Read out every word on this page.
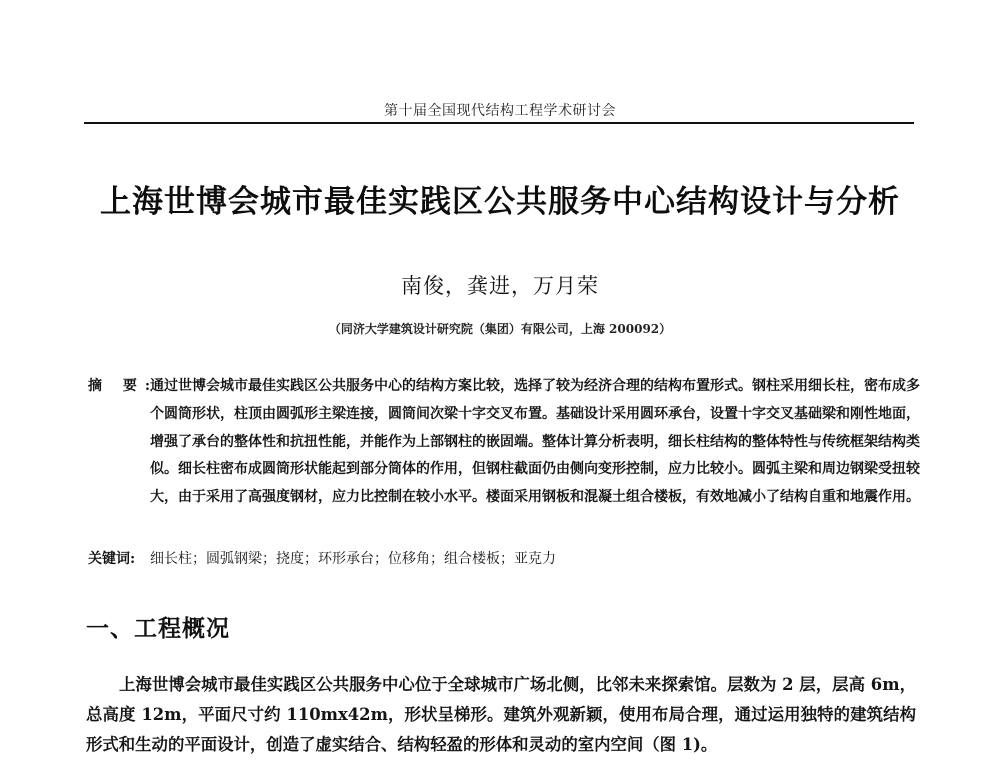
第十届全国现代结构工程学术研讨会
上海世博会城市最佳实践区公共服务中心结构设计与分析
南俊，龚进，万月荣
（同济大学建筑设计研究院（集团）有限公司，上海 200092）
摘 要:
通过世博会城市最佳实践区公共服务中心的结构方案比较，选择了较为经济合理的结构布置形式。钢柱采用细长柱，密布成多个圆筒形状，柱顶由圆弧形主梁连接，圆筒间次梁十字交叉布置。基础设计采用圆环承台，设置十字交叉基础梁和刚性地面，增强了承台的整体性和抗扭性能，并能作为上部钢柱的嵌固端。整体计算分析表明，细长柱结构的整体特性与传统框架结构类似。细长柱密布成圆筒形状能起到部分筒体的作用，但钢柱截面仍由侧向变形控制，应力比较小。圆弧主梁和周边钢梁受扭较大，由于采用了高强度钢材，应力比控制在较小水平。楼面采用钢板和混凝土组合楼板，有效地减小了结构自重和地震作用。
关键词: 细长柱；圆弧钢梁；挠度；环形承台；位移角；组合楼板；亚克力
一、工程概况
上海世博会城市最佳实践区公共服务中心位于全球城市广场北侧，比邻未来探索馆。层数为 2 层，层高 6m，总高度 12m，平面尺寸约 110mx42m，形状呈梯形。建筑外观新颖，使用布局合理，通过运用独特的建筑结构形式和生动的平面设计，创造了虚实结合、结构轻盈的形体和灵动的室内空间（图 1)。
